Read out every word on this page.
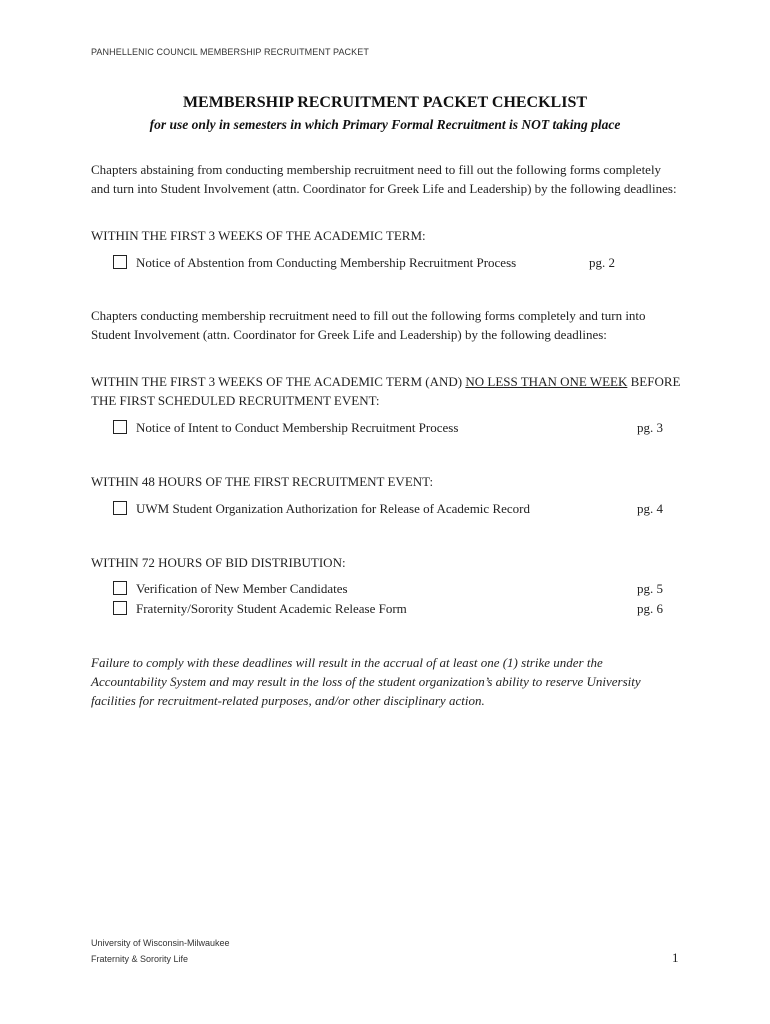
PANHELLENIC COUNCIL MEMBERSHIP RECRUITMENT PACKET
MEMBERSHIP RECRUITMENT PACKET CHECKLIST
for use only in semesters in which Primary Formal Recruitment is NOT taking place
Chapters abstaining from conducting membership recruitment need to fill out the following forms completely and turn into Student Involvement (attn. Coordinator for Greek Life and Leadership) by the following deadlines:
WITHIN THE FIRST 3 WEEKS OF THE ACADEMIC TERM:
Notice of Abstention from Conducting Membership Recruitment Process	pg. 2
Chapters conducting membership recruitment need to fill out the following forms completely and turn into Student Involvement (attn. Coordinator for Greek Life and Leadership) by the following deadlines:
WITHIN THE FIRST 3 WEEKS OF THE ACADEMIC TERM (AND) NO LESS THAN ONE WEEK BEFORE THE FIRST SCHEDULED RECRUITMENT EVENT:
Notice of Intent to Conduct Membership Recruitment Process	pg. 3
WITHIN 48 HOURS OF THE FIRST RECRUITMENT EVENT:
UWM Student Organization Authorization for Release of Academic Record	pg. 4
WITHIN 72 HOURS OF BID DISTRIBUTION:
Verification of New Member Candidates	pg. 5
Fraternity/Sorority Student Academic Release Form	pg. 6
Failure to comply with these deadlines will result in the accrual of at least one (1) strike under the Accountability System and may result in the loss of the student organization’s ability to reserve University facilities for recruitment-related purposes, and/or other disciplinary action.
University of Wisconsin-Milwaukee
Fraternity & Sorority Life	1
